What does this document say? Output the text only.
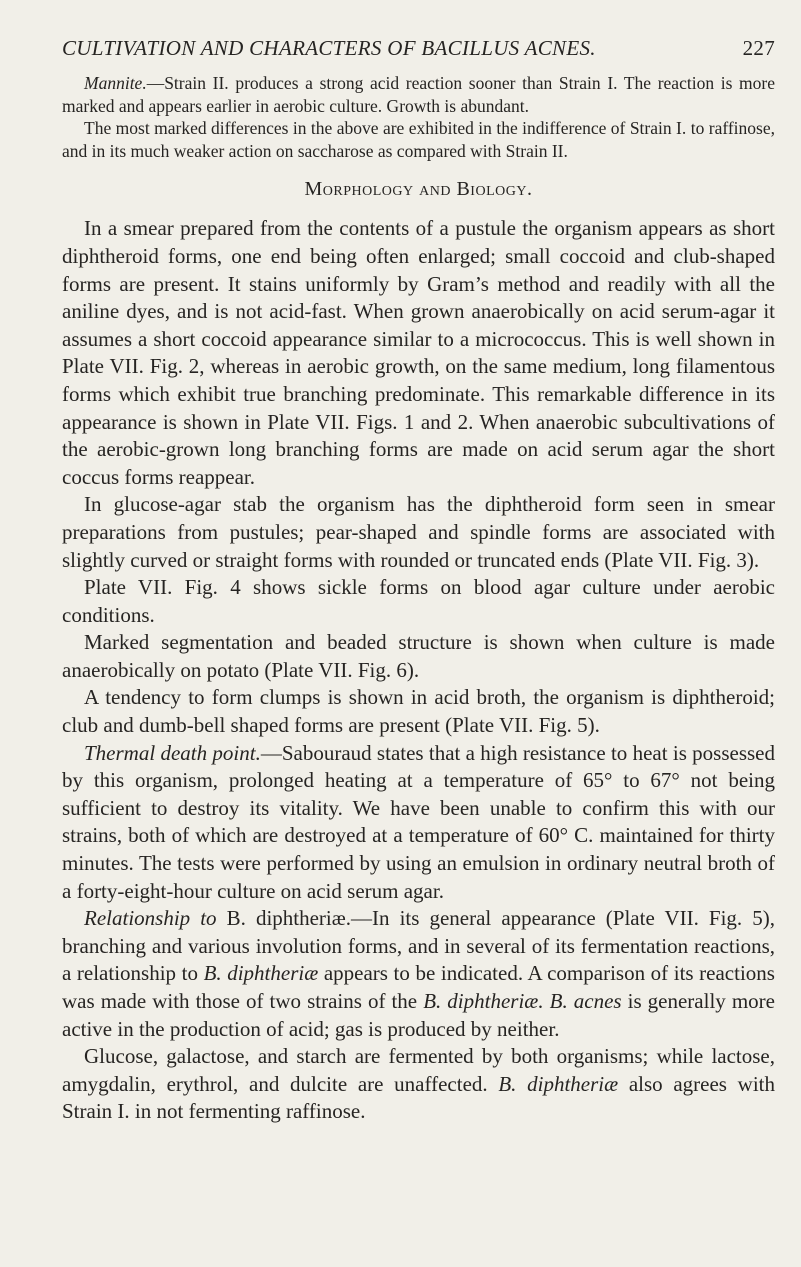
CULTIVATION AND CHARACTERS OF BACILLUS ACNES.	227

Mannite.—Strain II. produces a strong acid reaction sooner than Strain I. The reaction is more marked and appears earlier in aerobic culture. Growth is abundant.

The most marked differences in the above are exhibited in the indifference of Strain I. to raffinose, and in its much weaker action on saccharose as compared with Strain II.

Morphology and Biology.

In a smear prepared from the contents of a pustule the organism appears as short diphtheroid forms, one end being often enlarged; small coccoid and club-shaped forms are present. It stains uniformly by Gram’s method and readily with all the aniline dyes, and is not acid-fast. When grown anaerobically on acid serum-agar it assumes a short coccoid appearance similar to a micrococcus. This is well shown in Plate VII. Fig. 2, whereas in aerobic growth, on the same medium, long filamentous forms which exhibit true branching predominate. This remarkable difference in its appearance is shown in Plate VII. Figs. 1 and 2. When anaerobic subcultivations of the aerobic-grown long branching forms are made on acid serum agar the short coccus forms reappear.

In glucose-agar stab the organism has the diphtheroid form seen in smear preparations from pustules; pear-shaped and spindle forms are associated with slightly curved or straight forms with rounded or truncated ends (Plate VII. Fig. 3).

Plate VII. Fig. 4 shows sickle forms on blood agar culture under aerobic conditions.

Marked segmentation and beaded structure is shown when culture is made anaerobically on potato (Plate VII. Fig. 6).

A tendency to form clumps is shown in acid broth, the organism is diphtheroid; club and dumb-bell shaped forms are present (Plate VII. Fig. 5).

Thermal death point.—Sabouraud states that a high resistance to heat is possessed by this organism, prolonged heating at a temperature of 65° to 67° not being sufficient to destroy its vitality. We have been unable to confirm this with our strains, both of which are destroyed at a temperature of 60° C. maintained for thirty minutes. The tests were performed by using an emulsion in ordinary neutral broth of a forty-eight-hour culture on acid serum agar.

Relationship to B. diphtheriæ.—In its general appearance (Plate VII. Fig. 5), branching and various involution forms, and in several of its fermentation reactions, a relationship to B. diphtheriæ appears to be indicated. A comparison of its reactions was made with those of two strains of the B. diphtheriæ. B. acnes is generally more active in the production of acid; gas is produced by neither.

Glucose, galactose, and starch are fermented by both organisms; while lactose, amygdalin, erythrol, and dulcite are unaffected. B. diphtheriæ also agrees with Strain I. in not fermenting raffinose.
